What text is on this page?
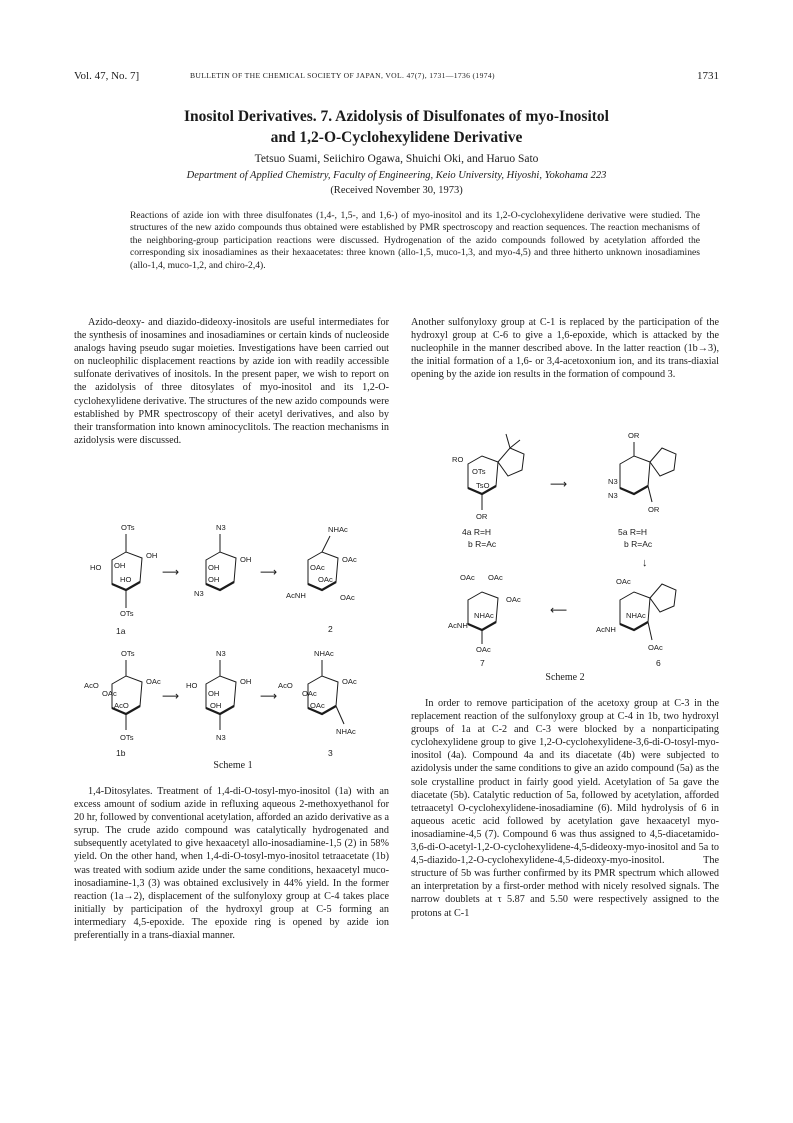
Vol. 47, No. 7]	BULLETIN OF THE CHEMICAL SOCIETY OF JAPAN, VOL. 47(7), 1731—1736 (1974)	1731
Inositol Derivatives. 7. Azidolysis of Disulfonates of myo-Inositol
and 1,2-O-Cyclohexylidene Derivative
Tetsuo Suami, Seiichiro Ogawa, Shuichi Oki, and Haruo Sato
Department of Applied Chemistry, Faculty of Engineering, Keio University, Hiyoshi, Yokohama 223
(Received November 30, 1973)
Reactions of azide ion with three disulfonates (1,4-, 1,5-, and 1,6-) of myo-inositol and its 1,2-O-cyclohexylidene derivative were studied. The structures of the new azido compounds thus obtained were established by PMR spectroscopy and reaction sequences. The reaction mechanisms of the neighboring-group participation reactions were discussed. Hydrogenation of the azido compounds followed by acetylation afforded the corresponding six inosadiamines as their hexaacetates: three known (allo-1,5, muco-1,3, and myo-4,5) and three hitherto unknown inosadiamines (allo-1,4, muco-1,2, and chiro-2,4).

Azido-deoxy- and diazido-dideoxy-inositols are useful intermediates for the synthesis of inosamines and inosadiamines or certain kinds of nucleoside analogs having pseudo sugar moieties. Investigations have been carried out on nucleophilic displacement reactions by azide ion with readily accessible sulfonate derivatives of inositols. In the present paper, we wish to report on the azidolysis of three ditosylates of myo-inositol and its 1,2-O-cyclohexylidene derivative. The structures of the new azido compounds were established by PMR spectroscopy of their acetyl derivatives, and also by their transformation into known aminocyclitols. The reaction mechanisms in azidolysis were discussed.

OTs
OTs
HO
OH
OH
HO
1a
⟶
N3
OH
OH
OH
N3
⟶
NHAc
OAc
OAc
OAc
AcNH	OAc
2
OTs
OTs
AcO
OAc
OAc
AcO
1b
⟶
N3
N3
HO
OH
OH
OH
⟶
NHAc
AcO
OAc
OAc
OAc
NHAc
3
Scheme 1

1,4-Ditosylates. Treatment of 1,4-di-O-tosyl-myo-inositol (1a) with an excess amount of sodium azide in refluxing aqueous 2-methoxyethanol for 20 hr, followed by conventional acetylation, afforded an azido derivative as a syrup. The crude azido compound was catalytically hydrogenated and subsequently acetylated to give hexaacetyl allo-inosadiamine-1,5 (2) in 58% yield. On the other hand, when 1,4-di-O-tosyl-myo-inositol tetraacetate (1b) was treated with sodium azide under the same conditions, hexaacetyl muco-inosadiamine-1,3 (3) was obtained exclusively in 44% yield. In the former reaction (1a→2), displacement of the sulfonyloxy group at C-4 takes place initially by participation of the hydroxyl group at C-5 forming an intermediary 4,5-epoxide. The epoxide ring is opened by azide ion preferentially in a trans-diaxial manner.

Another sulfonyloxy group at C-1 is replaced by the participation of the hydroxyl group at C-6 to give a 1,6-epoxide, which is attacked by the nucleophile in the manner described above. In the latter reaction (1b→3), the initial formation of a 1,6- or 3,4-acetoxonium ion, and its trans-diaxial opening by the azide ion results in the formation of compound 3.

RO
OTs
TsO
OR
4a R=H
b R=Ac
⟶
OR
OR
N3
N3
5a R=H
b R=Ac
↓
OAc OAc
OAc
NHAc
AcNH
OAc
7
⟵
OAc
NHAc
AcNH
OAc
6
Scheme 2

In order to remove participation of the acetoxy group at C-3 in the replacement reaction of the sulfonyloxy group at C-4 in 1b, two hydroxyl groups of 1a at C-2 and C-3 were blocked by a nonparticipating cyclohexylidene group to give 1,2-O-cyclohexylidene-3,6-di-O-tosyl-myo-inositol (4a). Compound 4a and its diacetate (4b) were subjected to azidolysis under the same conditions to give an azido compound (5a) as the sole crystalline product in fairly good yield. Acetylation of 5a gave the diacetate (5b). Catalytic reduction of 5a, followed by acetylation, afforded tetraacetyl O-cyclohexylidene-inosadiamine (6). Mild hydrolysis of 6 in aqueous acetic acid followed by acetylation gave hexaacetyl myo-inosadiamine-4,5 (7). Compound 6 was thus assigned to 4,5-diacetamido-3,6-di-O-acetyl-1,2-O-cyclohexylidene-4,5-dideoxy-myo-inositol and 5a to 4,5-diazido-1,2-O-cyclohexylidene-4,5-dideoxy-myo-inositol. The structure of 5b was further confirmed by its PMR spectrum which allowed an interpretation by a first-order method with nicely resolved signals. The narrow doublets at τ 5.87 and 5.50 were respectively assigned to the protons at C-1
